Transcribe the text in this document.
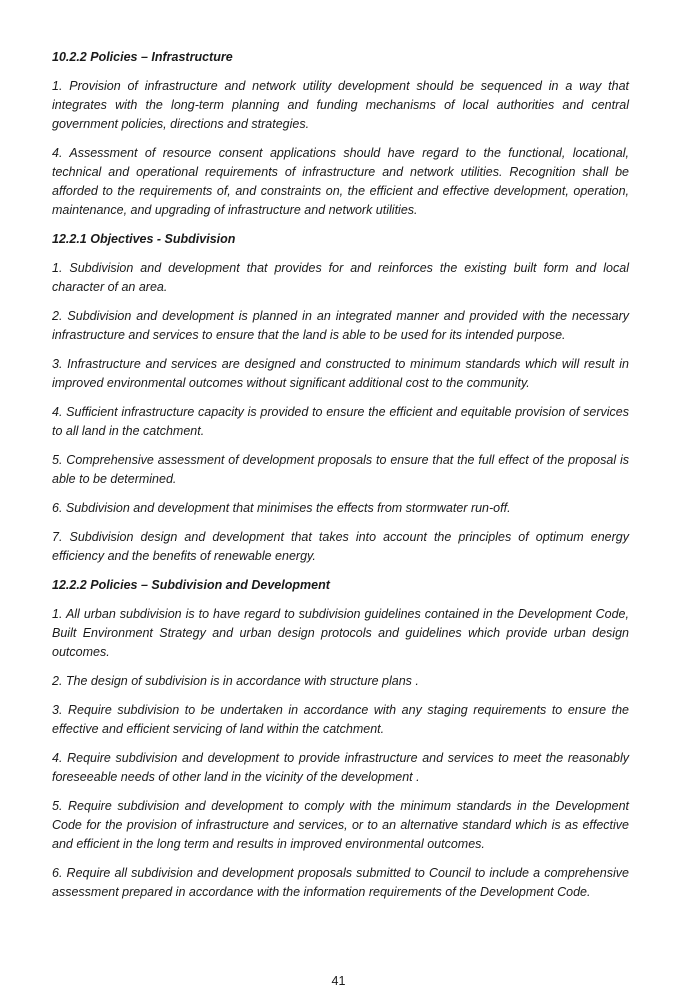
10.2.2 Policies – Infrastructure

1. Provision of infrastructure and network utility development should be sequenced in a way that integrates with the long-term planning and funding mechanisms of local authorities and central government policies, directions and strategies.

4. Assessment of resource consent applications should have regard to the functional, locational, technical and operational requirements of infrastructure and network utilities. Recognition shall be afforded to the requirements of, and constraints on, the efficient and effective development, operation, maintenance, and upgrading of infrastructure and network utilities.

12.2.1 Objectives - Subdivision

1. Subdivision and development that provides for and reinforces the existing built form and local character of an area.

2. Subdivision and development is planned in an integrated manner and provided with the necessary infrastructure and services to ensure that the land is able to be used for its intended purpose.

3. Infrastructure and services are designed and constructed to minimum standards which will result in improved environmental outcomes without significant additional cost to the community.

4. Sufficient infrastructure capacity is provided to ensure the efficient and equitable provision of services to all land in the catchment.

5. Comprehensive assessment of development proposals to ensure that the full effect of the proposal is able to be determined.

6. Subdivision and development that minimises the effects from stormwater run-off.

7. Subdivision design and development that takes into account the principles of optimum energy efficiency and the benefits of renewable energy.

12.2.2 Policies – Subdivision and Development

1. All urban subdivision is to have regard to subdivision guidelines contained in the Development Code, Built Environment Strategy and urban design protocols and guidelines which provide urban design outcomes.

2. The design of subdivision is in accordance with structure plans .

3. Require subdivision to be undertaken in accordance with any staging requirements to ensure the effective and efficient servicing of land within the catchment.

4. Require subdivision and development to provide infrastructure and services to meet the reasonably foreseeable needs of other land in the vicinity of the development .

5. Require subdivision and development to comply with the minimum standards in the Development Code for the provision of infrastructure and services, or to an alternative standard which is as effective and efficient in the long term and results in improved environmental outcomes.

6. Require all subdivision and development proposals submitted to Council to include a comprehensive assessment prepared in accordance with the information requirements of the Development Code.

41
